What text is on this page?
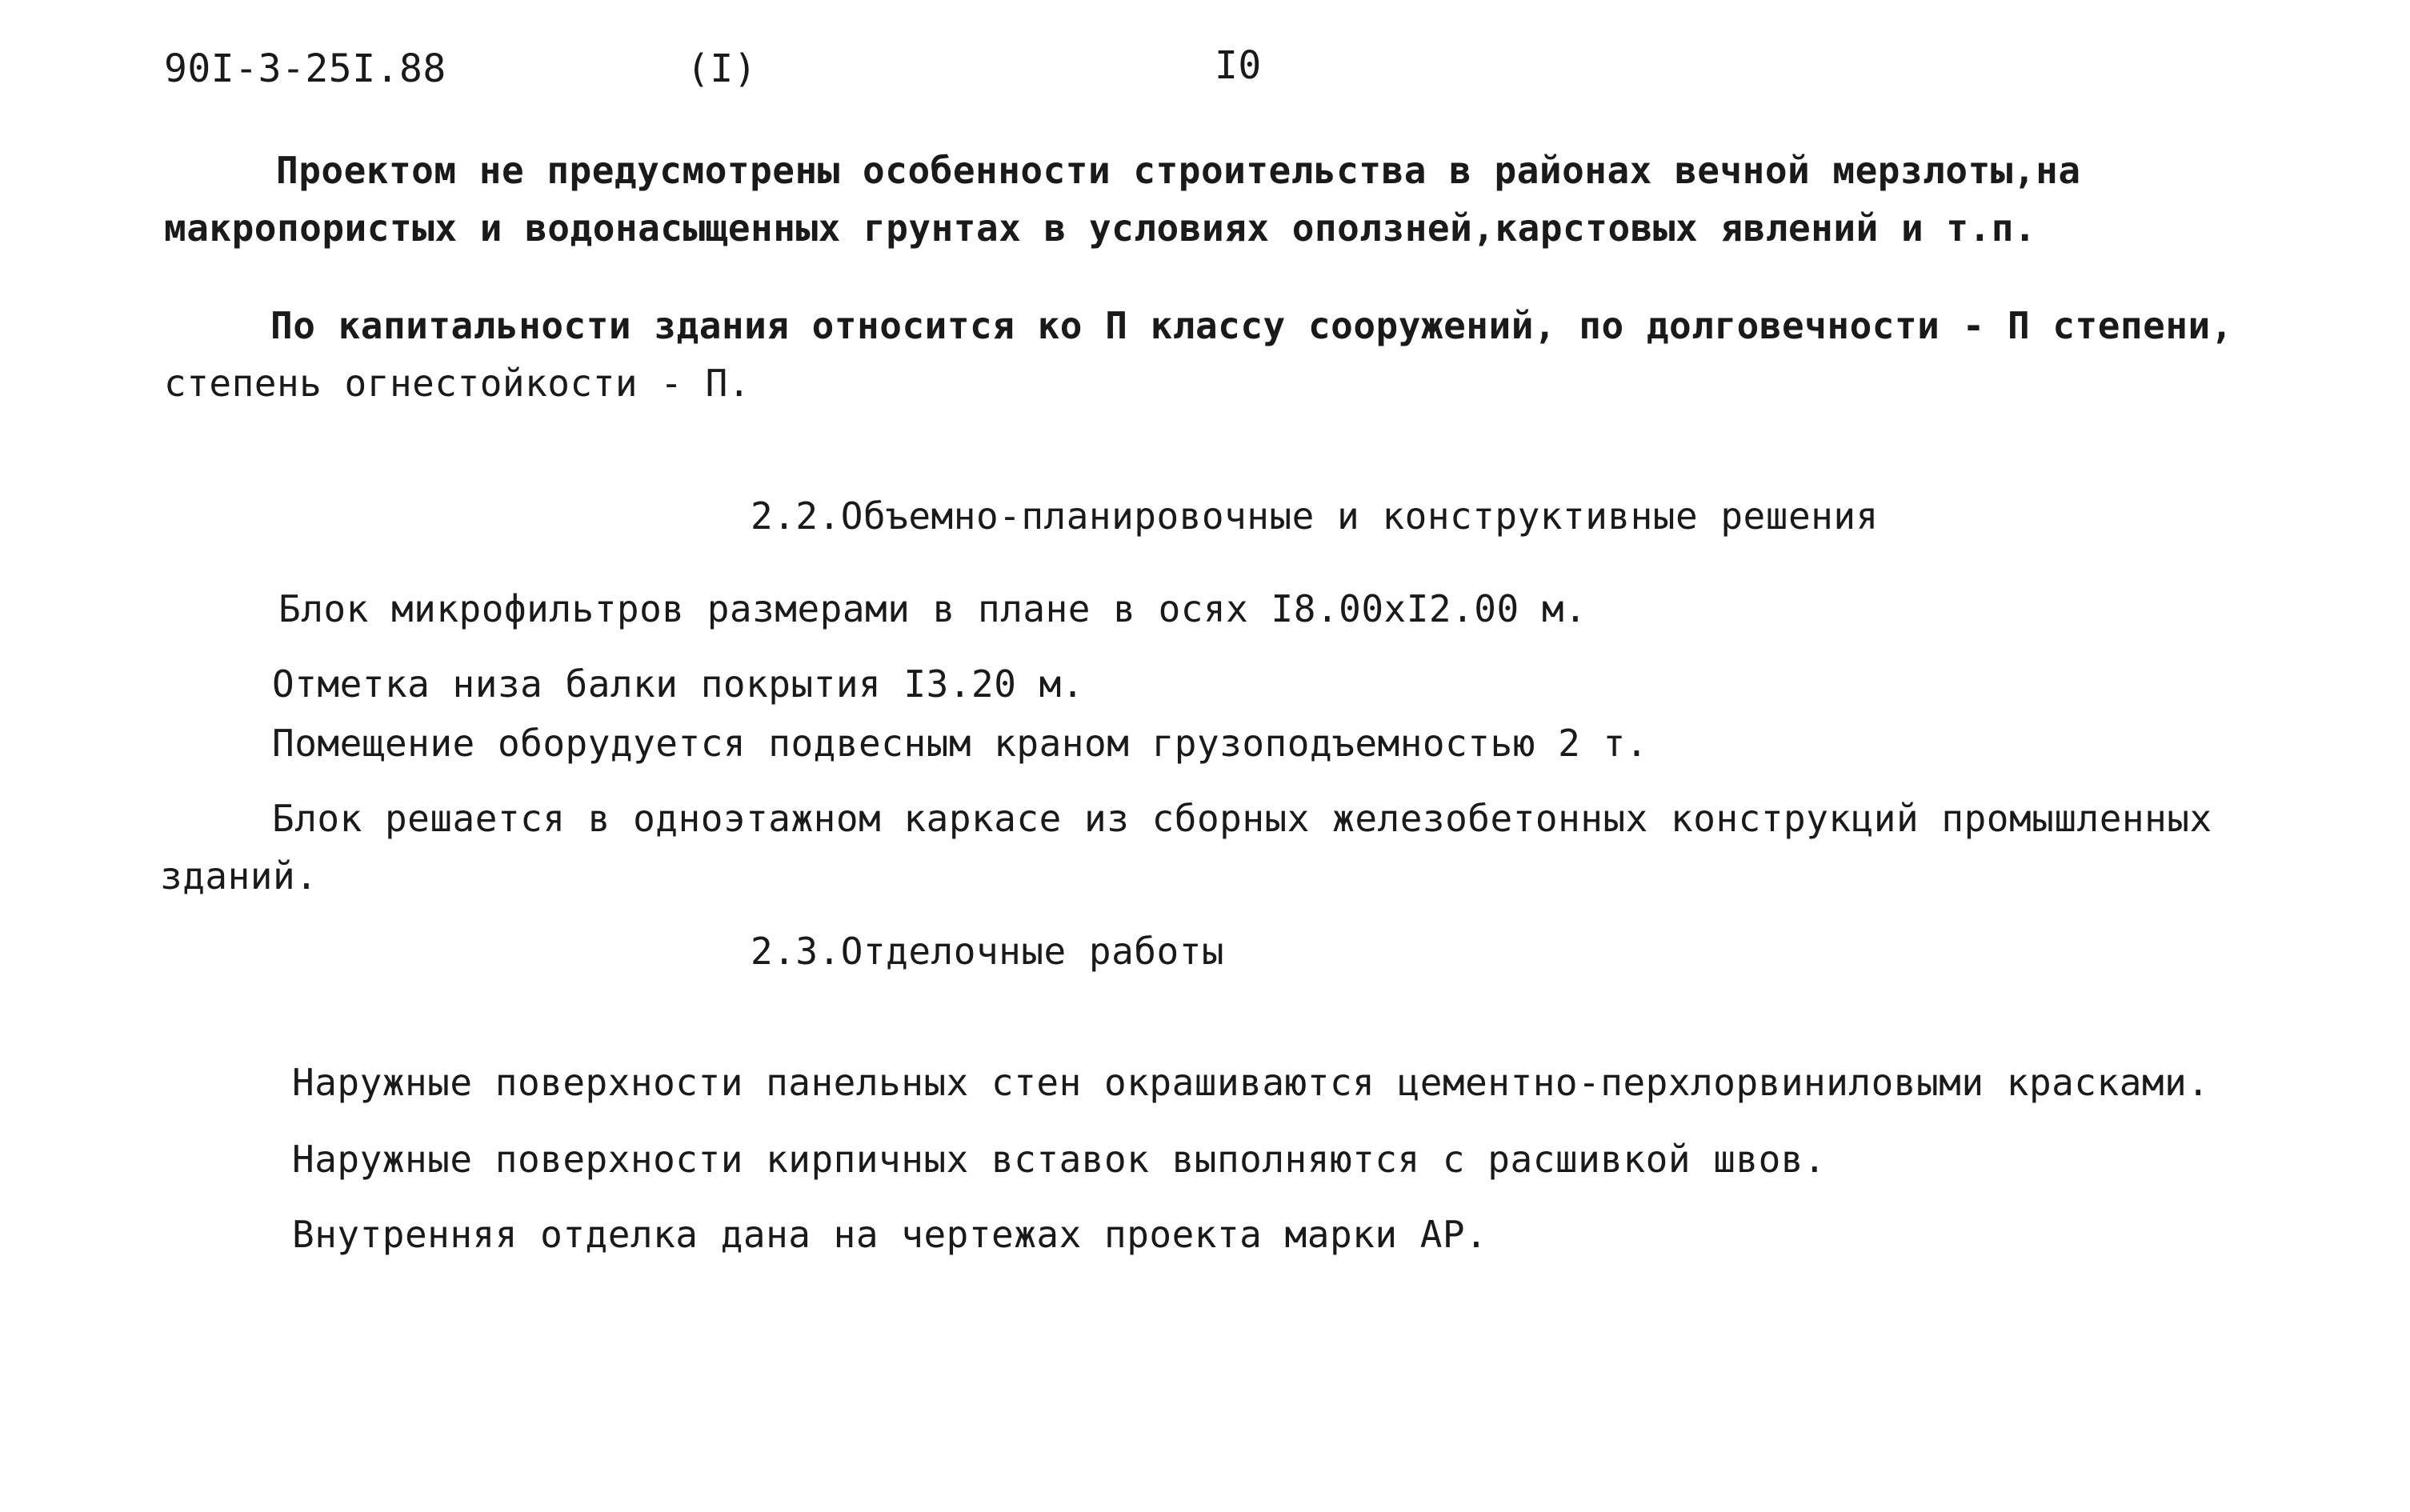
90I-3-25I.88	(I)	I0
Проектом не предусмотрены особенности строительства в районах вечной мерзлоты,на
макропористых и водонасыщенных грунтах в условиях оползней,карстовых явлений и т.п.
По капитальности здания относится ко П классу сооружений, по долговечности - П степени,
степень огнестойкости - П.
2.2.Объемно-планировочные и конструктивные решения
Блок микрофильтров размерами в плане в осях I8.00xI2.00 м.
Отметка низа балки покрытия I3.20 м.
Помещение оборудуется подвесным краном грузоподъемностью 2 т.
Блок решается в одноэтажном каркасе из сборных железобетонных конструкций промышленных
зданий.
2.3.Отделочные работы
Наружные поверхности панельных стен окрашиваются цементно-перхлорвиниловыми красками.
Наружные поверхности кирпичных вставок выполняются с расшивкой швов.
Внутренняя отделка дана на чертежах проекта марки АР.
